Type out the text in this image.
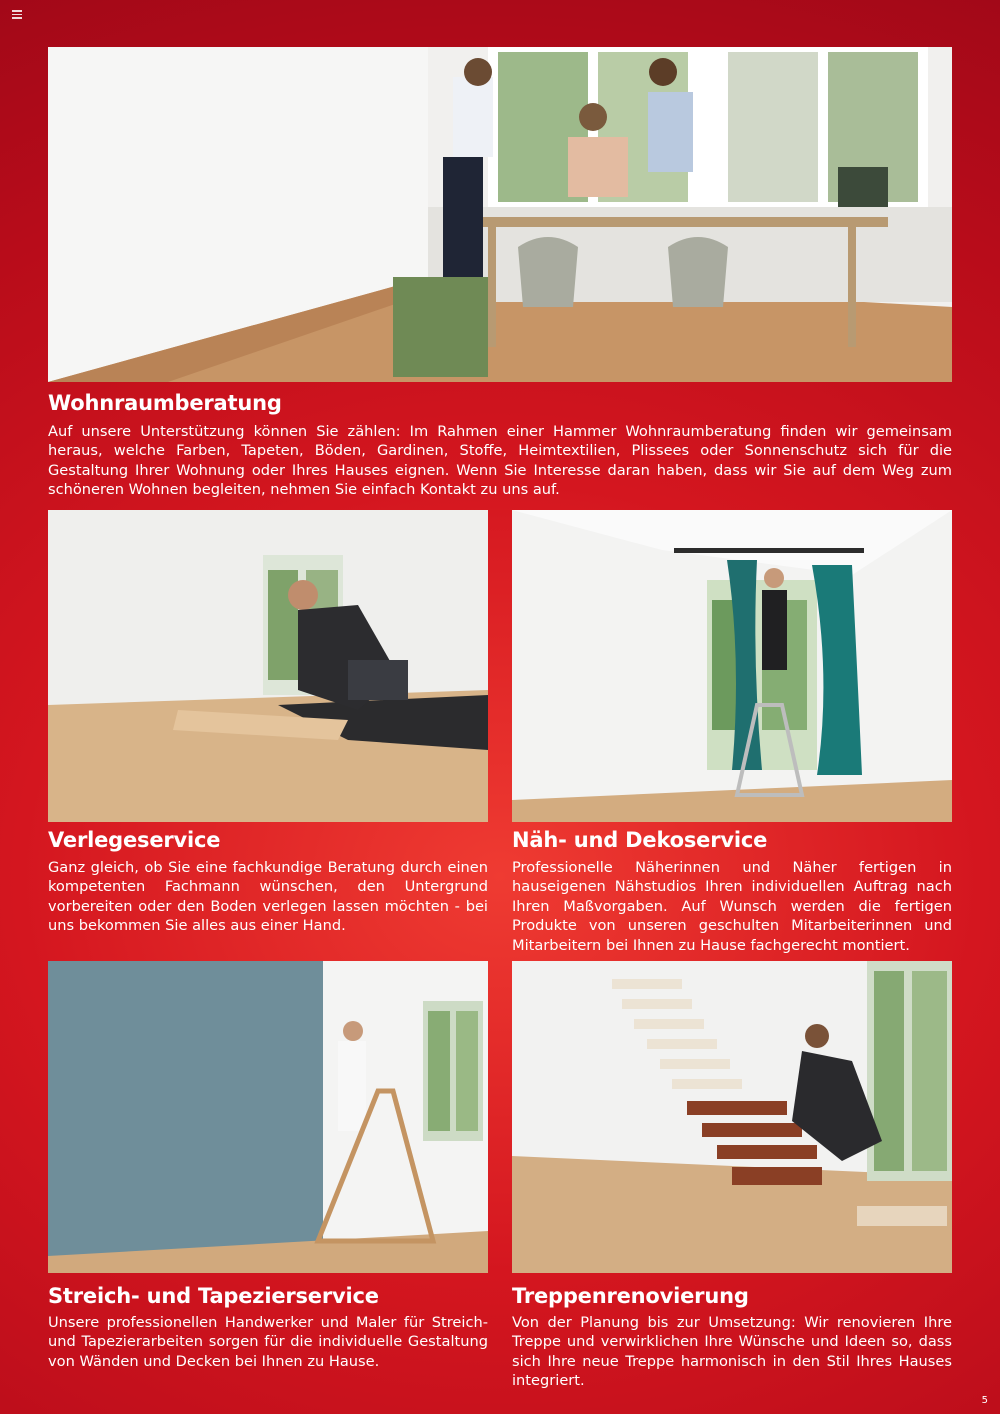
Wohnraumberatung

Auf unsere Unterstützung können Sie zählen: Im Rahmen einer Hammer Wohnraumberatung finden wir gemeinsam heraus, welche Farben, Tapeten, Böden, Gardinen, Stoffe, Heimtextilien, Plissees oder Sonnenschutz sich für die Gestaltung Ihrer Wohnung oder Ihres Hauses eignen. Wenn Sie Interesse daran haben, dass wir Sie auf dem Weg zum schöneren Wohnen begleiten, nehmen Sie einfach Kontakt zu uns auf.

Verlegeservice

Ganz gleich, ob Sie eine fachkundige Beratung durch einen kompetenten Fachmann wünschen, den Untergrund vorbereiten oder den Boden verlegen lassen möchten - bei uns bekommen Sie alles aus einer Hand.

Näh- und Dekoservice

Professionelle Näherinnen und Näher fertigen in hauseigenen Nähstudios Ihren individuellen Auftrag nach Ihren Maßvorgaben. Auf Wunsch werden die fertigen Produkte von unseren geschulten Mitarbeiterinnen und Mitarbeitern bei Ihnen zu Hause fachgerecht montiert.

Streich- und Tapezierservice

Unsere professionellen Handwerker und Maler für Streich- und Tapezierarbeiten sorgen für die individuelle Gestaltung von Wänden und Decken bei Ihnen zu Hause.

Treppenrenovierung

Von der Planung bis zur Umsetzung: Wir renovieren Ihre Treppe und verwirklichen Ihre Wünsche und Ideen so, dass sich Ihre neue Treppe harmonisch in den Stil Ihres Hauses integriert.

5
